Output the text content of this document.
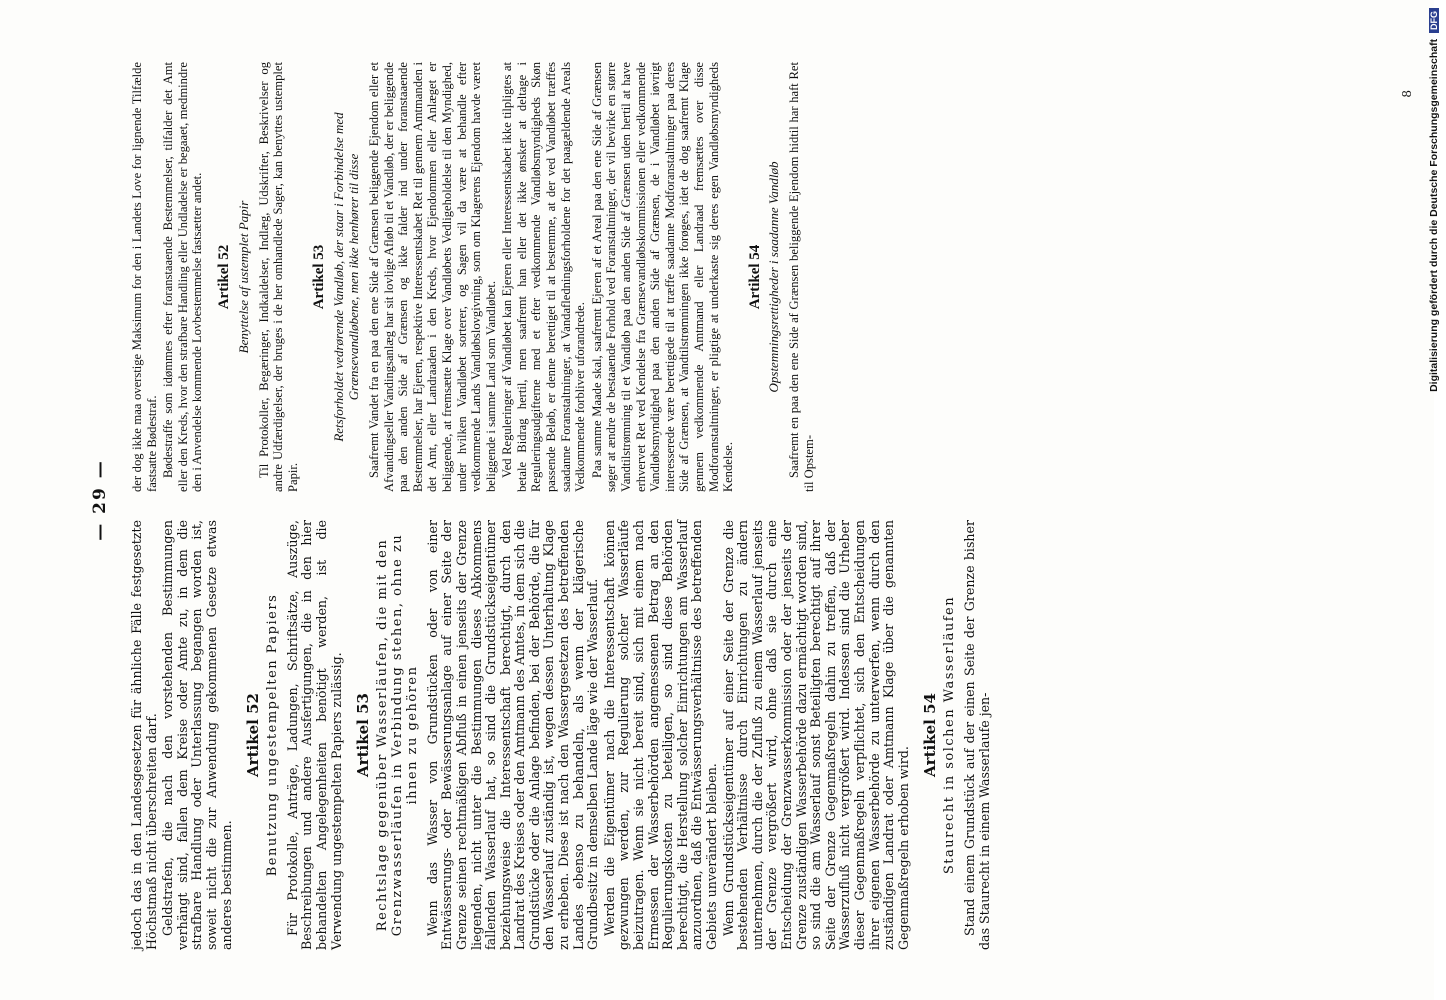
— 29 —

jedoch das in den Landesgesetzen für ähnliche Fälle festgesetzte Höchstmaß nicht überschreiten darf. Geldstrafen, die nach den vorstehenden Bestimmungen verhängt sind, fallen dem Kreise oder Amte zu, in dem die strafbare Handlung oder Unterlassung begangen worden ist, soweit nicht die zur Anwendung gekommenen Gesetze etwas anderes bestimmen.

Artikel 52 Benutzung ungestempelten Papiers Für Protokolle, Anträge, Ladungen, Schriftsätze, Auszüge, Beschreibungen und andere Ausfertigungen, die in den hier behandelten Angelegenheiten benötigt werden, ist die Verwendung ungestempelten Papiers zulässig. Artikel 53 Rechtslage gegenüber Wasserläufen, die mit den Grenzwasserläufen in Verbindung stehen, ohne zu ihnen zu gehören Wenn das Wasser von Grundstücken oder von einer Entwässerungs- oder Bewässerungsanlage auf einer Seite der Grenze seinen rechtmäßigen Abfluß in einen jenseits der Grenze liegenden, nicht unter die Bestimmungen dieses Abkommens fallenden Wasserlauf hat, so sind die Grundstückseigentümer beziehungsweise die Interessentschaft berechtigt, durch den Landrat des Kreises oder den Amtmann des Amtes, in dem sich die Grundstücke oder die Anlage befinden, bei der Behörde, die für den Wasserlauf zuständig ist, wegen dessen Unterhaltung Klage zu erheben. Diese ist nach den Wassergesetzen des betreffenden Landes ebenso zu behandeln, als wenn der klägerische Grundbesitz in demselben Lande läge wie der Wasserlauf. Werden die Eigentümer nach die Interessentschaft können gezwungen werden, zur Regulierung solcher Wasserläufe beizutragen. Wenn sie nicht bereit sind, sich mit einem nach Ermessen der Wasserbehörden angemessenen Betrag an den Regulierungskosten zu beteiligen, so sind diese Behörden berechtigt, die Herstellung solcher Einrichtungen am Wasserlauf anzuordnen, daß die Entwässerungsverhältnisse des betreffenden Gebiets unverändert bleiben. Wenn Grundstückseigentümer auf einer Seite der Grenze die bestehenden Verhältnisse durch Einrichtungen zu ändern unternehmen, durch die der Zufluß zu einem Wasserlauf jenseits der Grenze vergrößert wird, ohne daß sie durch eine Entscheidung der Grenzwasserkommission oder der jenseits der Grenze zuständigen Wasserbehörde dazu ermächtigt worden sind, so sind die am Wasserlauf sonst Beteiligten berechtigt auf ihrer Seite der Grenze Gegenmaßregeln dahin zu treffen, daß der Wasserzufluß nicht vergrößert wird. Indessen sind die Urheber dieser Gegenmaßregeln verpflichtet, sich den Entscheidungen ihrer eigenen Wasserbehörde zu unterwerfen, wenn durch den zuständigen Landrat oder Amtmann Klage über die genannten Gegenmaßregeln erhoben wird.

Artikel 54 Staurecht in solchen Wasserläufen Stand einem Grundstück auf der einen Seite der Grenze bisher das Staurecht in einem Wasserlaufe jen-

der dog ikke maa overstige Maksimum for den i Landets Love for lignende Tilfælde fastsatte Bødestraf. Bødestraffe som idømmes efter foranstaaende Bestemmelser, tilfalder det Amt eller den Kreds, hvor den strafbare Handling eller Undladelse er begaaet, medmindre den i Anvendelse kommende Lovbestemmelse fastsætter andet. Artikel 52 Benyttelse af ustemplet Papir Til Protokoller, Begæringer, Indkaldelser, Indlæg, Udskrifter, Beskrivelser og andre Udfærdigelser, der bruges i de her omhandlede Sager, kan benyttes ustemplet Papir.

Artikel 53 Retsforholdet vedrørende Vandløb, der staar i Forbindelse med Grænsevandløbene, men ikke henhører til disse Saafremt Vandet fra en paa den ene Side af Grænsen beliggende Ejendom eller et Afvandingseller Vandingsanlæg har sit lovlige Afløb til et Vandløb, der er beliggende paa den anden Side af Grænsen og ikke falder ind under foranstaaende Bestemmelser, har Ejeren, respektive Interessentskabet Ret til gennem Amtmanden i det Amt, eller Landraaden i den Kreds, hvor Ejendommen eller Anlæget er beliggende, at fremsætte Klage over Vandløbets Vedligeholdelse til den Myndighed, under hvilken Vandløbet sorterer, og Sagen vil da være at behandle efter vedkommende Lands Vandløbslovgivning, som om Klagerens Ejendom havde været beliggende i samme Land som Vandløbet. Ved Reguleringer af Vandløbet kan Ejeren eller Interessentskabet ikke tilpligtes at betale Bidrag hertil, men saafremt han eller det ikke ønsker at deltage i Reguleringsudgifterne med et efter vedkommende Vandløbsmyndigheds Skøn passende Beløb, er denne berettiget til at bestemme, at der ved Vandløbet træffes saadanne Foranstaltninger, at Vandafledningsforholdene for det paagældende Areals Vedkommende forbliver uforandrede. Paa samme Maade skal, saafremt Ejeren af et Areal paa den ene Side af Grænsen søger at ændre de bestaaende Forhold ved Foranstaltninger, der vil bevirke en større Vandtilstrømning til et Vandløb paa den anden Side af Grænsen uden hertil at have erhvervet Ret ved Kendelse fra Grænsevandløbskommissionen eller vedkommende Vandløbsmyndighed paa den anden Side af Grænsen, de i Vandløbet iøvrigt interesserede være berettigede til at træffe saadanne Modforanstaltninger paa deres Side af Grænsen, at Vandtilstrømningen ikke forøges, idet de dog saafremt Klage gennem vedkommende Amtmand eller Landraad fremsættes over disse Modforanstaltninger, er pligtige at underkaste sig deres egen Vandløbsmyndigheds Kendelse.

Artikel 54 Opstemningsrettigheder i saadanne Vandløb Saafremt en paa den ene Side af Grænsen beliggende Ejendom hidtil har haft Ret til Opstem-

8 Digitalisierung gefördert durch die Deutsche Forschungsgemeinschaft DFG
